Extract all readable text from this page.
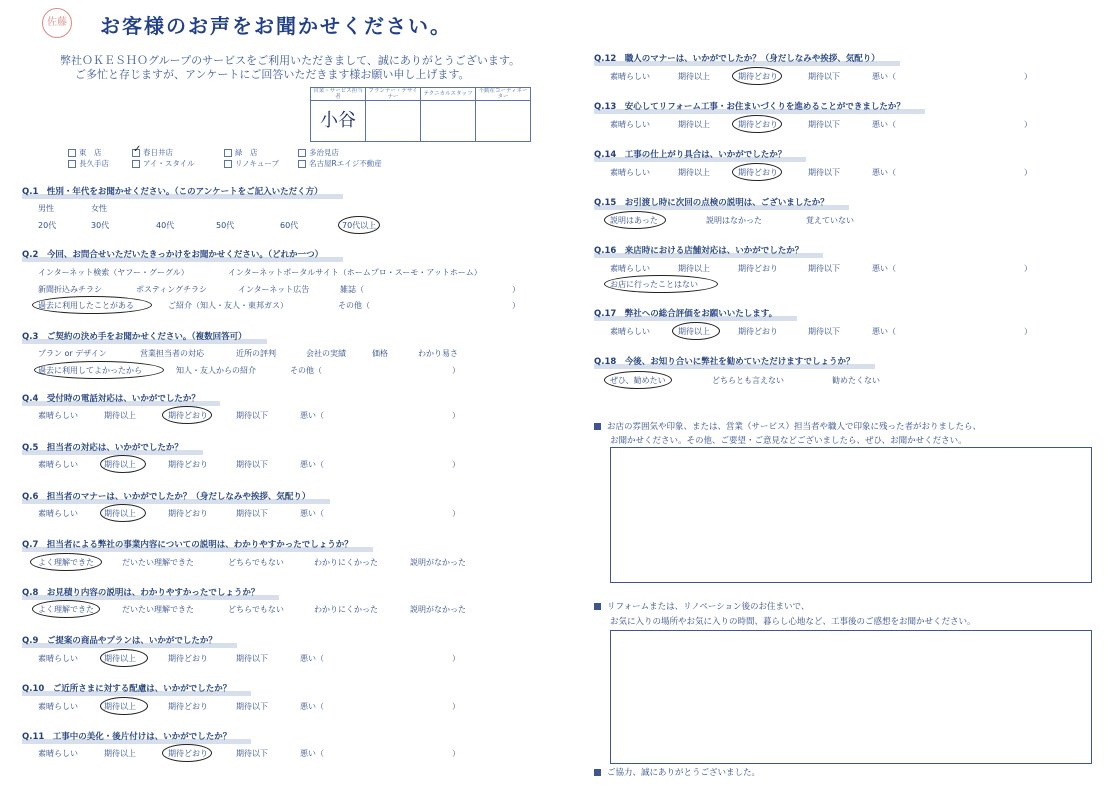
佐藤 お客様のお声をお聞かせください。
弊社ＯＫＥＳＨＯグループのサービスをご利用いただきまして、誠にありがとうございます。
ご多忙と存じますが、アンケートにご回答いただきます様お願い申し上げます。
営業・サービス担当者	プランナー・デザイナー	テクニカルスタッフ	不動産コーディネーター
小谷			
東　店 ✓	春日井店	緑　店	多治見店
長久手店	アイ・スタイル	リノキューブ	名古屋Rエイジ不動産
Q.1　性別・年代をお聞かせください。（このアンケートをご記入いただく方）
男性	女性
20代	30代	40代	50代	60代	70代以上
Q.2　今回、お問合せいただいたきっかけをお聞かせください。（どれか一つ）
インターネット検索（ヤフー・グーグル）	インターネットポータルサイト（ホームプロ・スーモ・アットホーム）
新聞折込みチラシ	ポスティングチラシ	インターネット広告	雑誌（	）
過去に利用したことがある	ご紹介（知人・友人・東邦ガス）	その他（	）
Q.3　ご契約の決め手をお聞かせください。（複数回答可）
プラン or デザイン	営業担当者の対応	近所の評判	会社の実績	価格	わかり易さ
過去に利用してよかったから	知人・友人からの紹介	その他（	）
Q.4　受付時の電話対応は、いかがでしたか？
素晴らしい	期待以上	期待どおり	期待以下	悪い（	）
Q.5　担当者の対応は、いかがでしたか？
素晴らしい	期待以上	期待どおり	期待以下	悪い（	）
Q.6　担当者のマナーは、いかがでしたか？（身だしなみや挨拶、気配り）
素晴らしい	期待以上	期待どおり	期待以下	悪い（	）
Q.7　担当者による弊社の事業内容についての説明は、わかりやすかったでしょうか？
よく理解できた	だいたい理解できた	どちらでもない	わかりにくかった	説明がなかった
Q.8　お見積り内容の説明は、わかりやすかったでしょうか？
よく理解できた	だいたい理解できた	どちらでもない	わかりにくかった	説明がなかった
Q.9　ご提案の商品やプランは、いかがでしたか？
素晴らしい	期待以上	期待どおり	期待以下	悪い（	）
Q.10　ご近所さまに対する配慮は、いかがでしたか？
素晴らしい	期待以上	期待どおり	期待以下	悪い（	）
Q.11　工事中の美化・後片付けは、いかがでしたか？
素晴らしい	期待以上	期待どおり	期待以下	悪い（	）
Q.12　職人のマナーは、いかがでしたか？（身だしなみや挨拶、気配り）
素晴らしい	期待以上	期待どおり	期待以下	悪い（	）
Q.13　安心してリフォーム工事・お住まいづくりを進めることができましたか？
素晴らしい	期待以上	期待どおり	期待以下	悪い（	）
Q.14　工事の仕上がり具合は、いかがでしたか？
素晴らしい	期待以上	期待どおり	期待以下	悪い（	）
Q.15　お引渡し時に次回の点検の説明は、ございましたか？
説明はあった	説明はなかった	覚えていない
Q.16　来店時における店舗対応は、いかがでしたか？
素晴らしい	期待以上	期待どおり	期待以下	悪い（	）
お店に行ったことはない
Q.17　弊社への総合評価をお願いいたします。
素晴らしい	期待以上	期待どおり	期待以下	悪い（	）
Q.18　今後、お知り合いに弊社を勧めていただけますでしょうか？
ぜひ、勧めたい	どちらとも言えない	勧めたくない
お店の雰囲気や印象、または、営業（サービス）担当者や職人で印象に残った者がおりましたら、
お聞かせください。その他、ご要望・ご意見などございましたら、ぜひ、お聞かせください。
リフォームまたは、リノベーション後のお住まいで、
お気に入りの場所やお気に入りの時間、暮らし心地など、工事後のご感想をお聞かせください。
ご協力、誠にありがとうございました。
